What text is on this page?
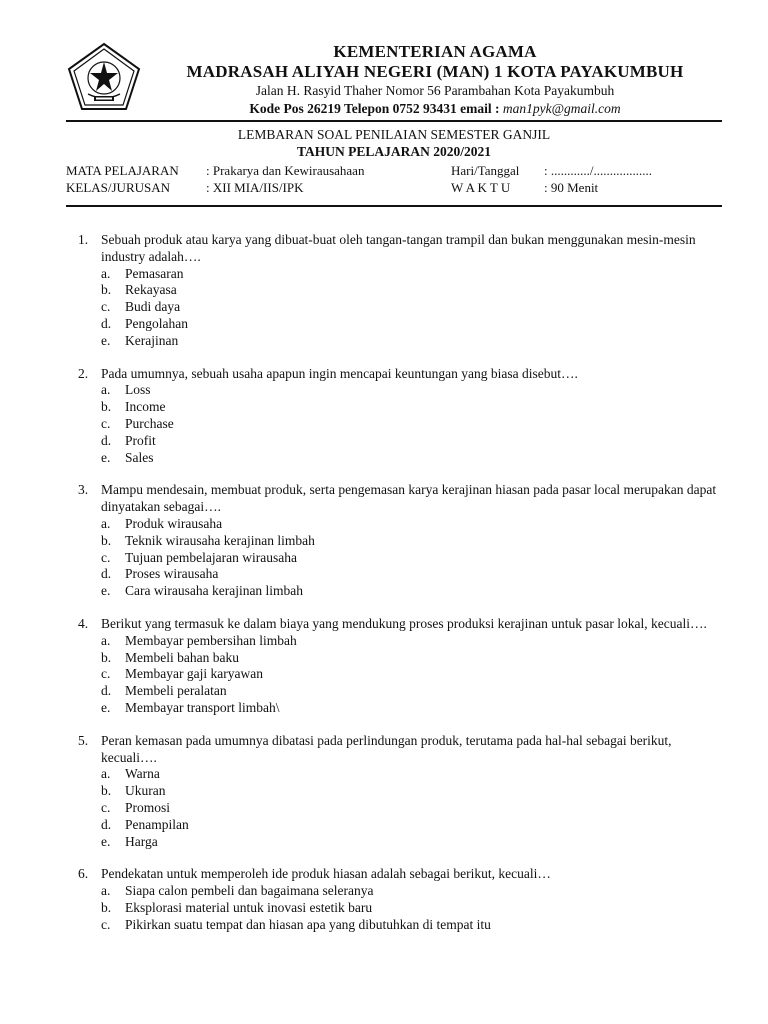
KEMENTERIAN AGAMA
MADRASAH ALIYAH NEGERI (MAN) 1 KOTA PAYAKUMBUH
Jalan H. Rasyid Thaher Nomor 56 Parambahan Kota Payakumbuh
Kode Pos 26219 Telepon 0752 93431 email : man1pyk@gmail.com
LEMBARAN SOAL PENILAIAN SEMESTER GANJIL
TAHUN PELAJARAN 2020/2021
MATA PELAJARAN : Prakarya dan Kewirausahaan	Hari/Tanggal : ............/..................
KELAS/JURUSAN	: XII MIA/IIS/IPK	W A K T U	: 90 Menit
1. Sebuah produk atau karya yang dibuat-buat oleh tangan-tangan trampil dan bukan menggunakan mesin-mesin industry adalah….
a. Pemasaran
b. Rekayasa
c. Budi daya
d. Pengolahan
e. Kerajinan
2. Pada umumnya, sebuah usaha apapun ingin mencapai keuntungan yang biasa disebut….
a. Loss
b. Income
c. Purchase
d. Profit
e. Sales
3. Mampu mendesain, membuat produk, serta pengemasan karya kerajinan hiasan pada pasar local merupakan dapat dinyatakan sebagai….
a. Produk wirausaha
b. Teknik wirausaha kerajinan limbah
c. Tujuan pembelajaran wirausaha
d. Proses wirausaha
e. Cara wirausaha kerajinan limbah
4. Berikut yang termasuk ke dalam biaya yang mendukung proses produksi kerajinan untuk pasar lokal, kecuali….
a. Membayar pembersihan limbah
b. Membeli bahan baku
c. Membayar gaji karyawan
d. Membeli peralatan
e. Membayar transport limbah\
5. Peran kemasan pada umumnya dibatasi pada perlindungan produk, terutama pada hal-hal sebagai berikut, kecuali….
a. Warna
b. Ukuran
c. Promosi
d. Penampilan
e. Harga
6. Pendekatan untuk memperoleh ide produk hiasan adalah sebagai berikut, kecuali…
a. Siapa calon pembeli dan bagaimana seleranya
b. Eksplorasi material untuk inovasi estetik baru
c. Pikirkan suatu tempat dan hiasan apa yang dibutuhkan di tempat itu
